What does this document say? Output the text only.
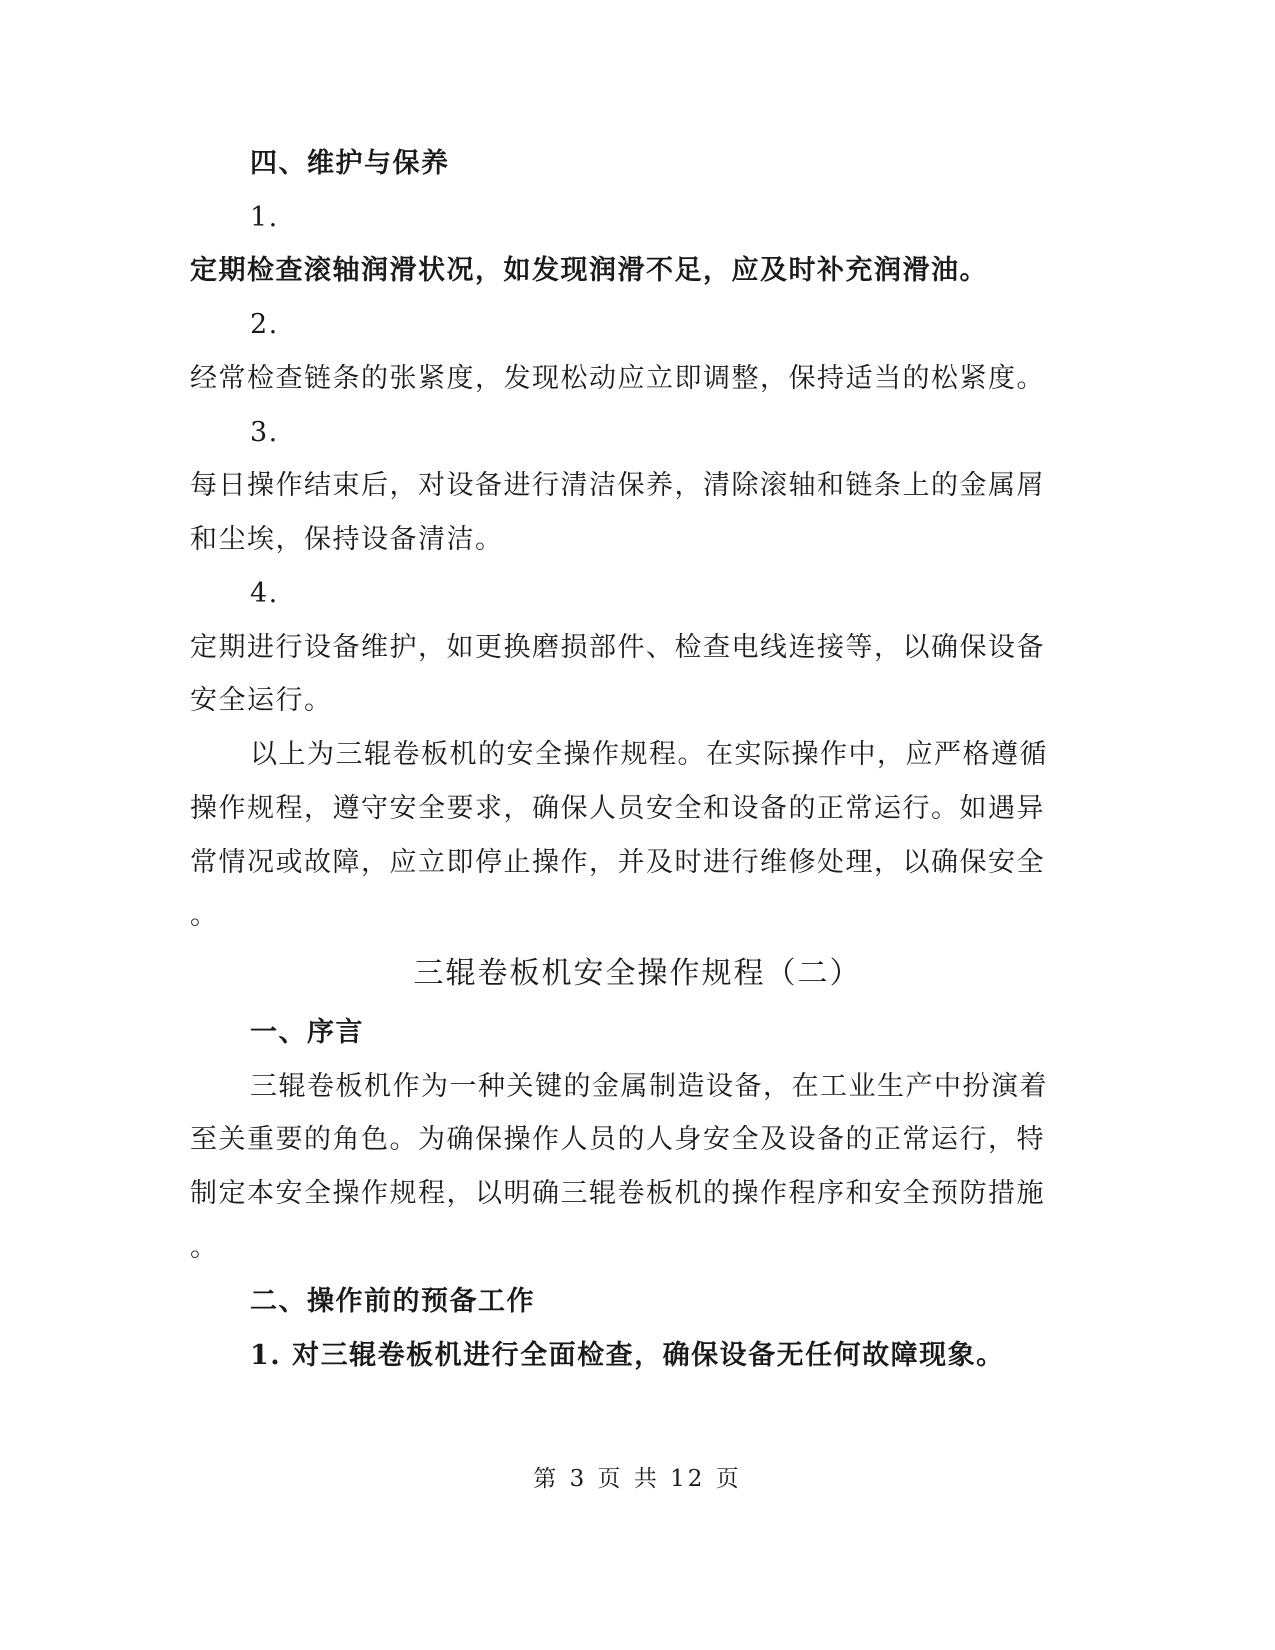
四、维护与保养
1.
定期检查滚轴润滑状况，如发现润滑不足，应及时补充润滑油。
2.
经常检查链条的张紧度，发现松动应立即调整，保持适当的松紧度。
3.
每日操作结束后，对设备进行清洁保养，清除滚轴和链条上的金属屑
和尘埃，保持设备清洁。
4.
定期进行设备维护，如更换磨损部件、检查电线连接等，以确保设备
安全运行。
以上为三辊卷板机的安全操作规程。在实际操作中，应严格遵循
操作规程，遵守安全要求，确保人员安全和设备的正常运行。如遇异
常情况或故障，应立即停止操作，并及时进行维修处理，以确保安全
。
三辊卷板机安全操作规程（二）
一、序言
三辊卷板机作为一种关键的金属制造设备，在工业生产中扮演着
至关重要的角色。为确保操作人员的人身安全及设备的正常运行，特
制定本安全操作规程，以明确三辊卷板机的操作程序和安全预防措施
。
二、操作前的预备工作
1. 对三辊卷板机进行全面检查，确保设备无任何故障现象。
第 3 页 共 12 页
